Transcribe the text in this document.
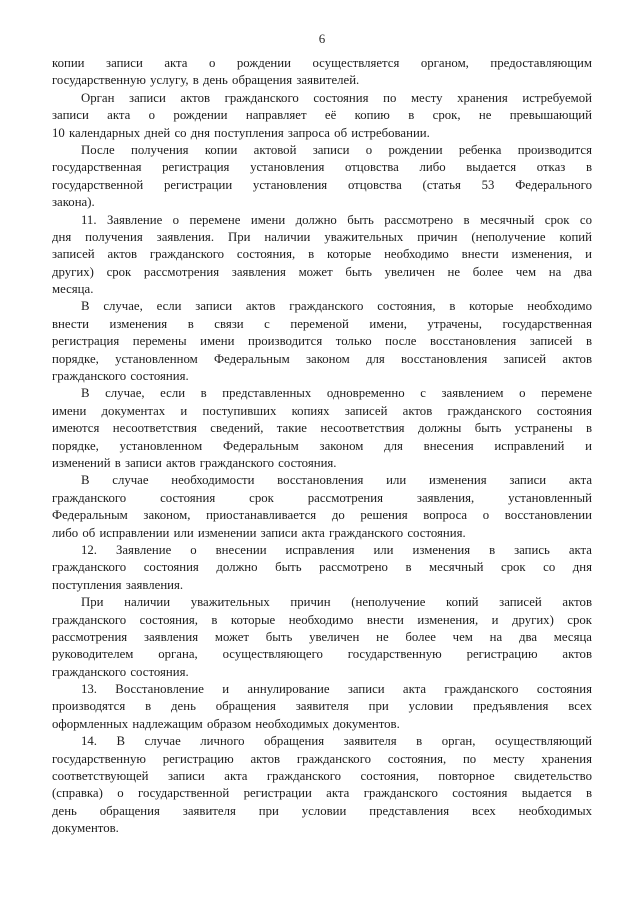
6
копии записи акта о рождении осуществляется органом, предоставляющим
государственную услугу, в день обращения заявителей.
Орган записи актов гражданского состояния по месту хранения истребуемой
записи акта о рождении направляет её копию в срок, не превышающий
10 календарных дней со дня поступления запроса об истребовании.
После получения копии актовой записи о рождении ребенка производится
государственная регистрация установления отцовства либо выдается отказ в
государственной регистрации установления отцовства (статья 53 Федерального
закона).
11. Заявление о перемене имени должно быть рассмотрено в месячный срок со
дня получения заявления. При наличии уважительных причин (неполучение копий
записей актов гражданского состояния, в которые необходимо внести изменения, и
других) срок рассмотрения заявления может быть увеличен не более чем на два
месяца.
В случае, если записи актов гражданского состояния, в которые необходимо
внести изменения в связи с переменой имени, утрачены, государственная
регистрация перемены имени производится только после восстановления записей в
порядке, установленном Федеральным законом для восстановления записей актов
гражданского состояния.
В случае, если в представленных одновременно с заявлением о перемене
имени документах и поступивших копиях записей актов гражданского состояния
имеются несоответствия сведений, такие несоответствия должны быть устранены в
порядке, установленном Федеральным законом для внесения исправлений и
изменений в записи актов гражданского состояния.
В случае необходимости восстановления или изменения записи акта
гражданского состояния срок рассмотрения заявления, установленный
Федеральным законом, приостанавливается до решения вопроса о восстановлении
либо об исправлении или изменении записи акта гражданского состояния.
12. Заявление о внесении исправления или изменения в запись акта
гражданского состояния должно быть рассмотрено в месячный срок со дня
поступления заявления.
При наличии уважительных причин (неполучение копий записей актов
гражданского состояния, в которые необходимо внести изменения, и других) срок
рассмотрения заявления может быть увеличен не более чем на два месяца
руководителем органа, осуществляющего государственную регистрацию актов
гражданского состояния.
13. Восстановление и аннулирование записи акта гражданского состояния
производятся в день обращения заявителя при условии предъявления всех
оформленных надлежащим образом необходимых документов.
14. В случае личного обращения заявителя в орган, осуществляющий
государственную регистрацию актов гражданского состояния, по месту хранения
соответствующей записи акта гражданского состояния, повторное свидетельство
(справка) о государственной регистрации акта гражданского состояния выдается в
день обращения заявителя при условии представления всех необходимых
документов.
